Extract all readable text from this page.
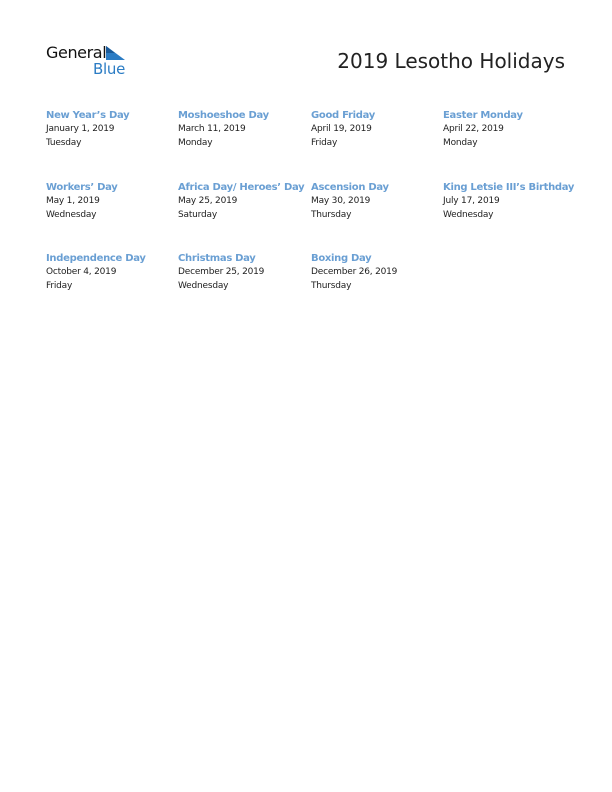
General
Blue	2019 Lesotho Holidays
New Year’s Day
January 1, 2019
Tuesday
Moshoeshoe Day
March 11, 2019
Monday
Good Friday
April 19, 2019
Friday
Easter Monday
April 22, 2019
Monday
Workers’ Day
May 1, 2019
Wednesday
Africa Day/ Heroes’ Day
May 25, 2019
Saturday
Ascension Day
May 30, 2019
Thursday
King Letsie III’s Birthday
July 17, 2019
Wednesday
Independence Day
October 4, 2019
Friday
Christmas Day
December 25, 2019
Wednesday
Boxing Day
December 26, 2019
Thursday
